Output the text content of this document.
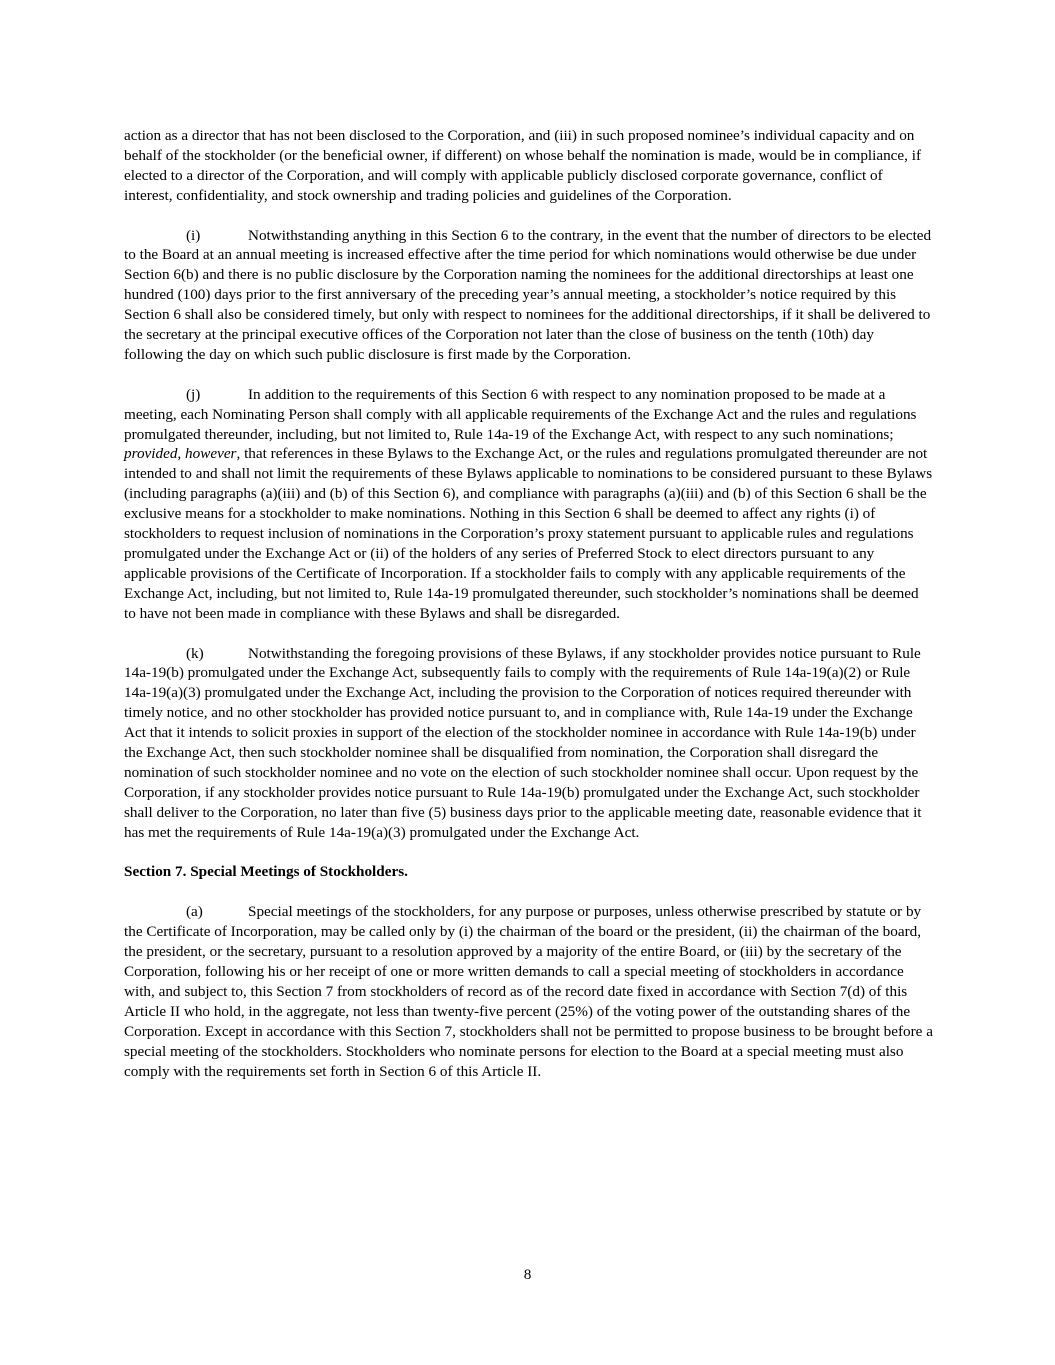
action as a director that has not been disclosed to the Corporation, and (iii) in such proposed nominee’s individual capacity and on behalf of the stockholder (or the beneficial owner, if different) on whose behalf the nomination is made, would be in compliance, if elected to a director of the Corporation, and will comply with applicable publicly disclosed corporate governance, conflict of interest, confidentiality, and stock ownership and trading policies and guidelines of the Corporation.

(i)	Notwithstanding anything in this Section 6 to the contrary, in the event that the number of directors to be elected to the Board at an annual meeting is increased effective after the time period for which nominations would otherwise be due under Section 6(b) and there is no public disclosure by the Corporation naming the nominees for the additional directorships at least one hundred (100) days prior to the first anniversary of the preceding year’s annual meeting, a stockholder’s notice required by this Section 6 shall also be considered timely, but only with respect to nominees for the additional directorships, if it shall be delivered to the secretary at the principal executive offices of the Corporation not later than the close of business on the tenth (10th) day following the day on which such public disclosure is first made by the Corporation.

(j)	In addition to the requirements of this Section 6 with respect to any nomination proposed to be made at a meeting, each Nominating Person shall comply with all applicable requirements of the Exchange Act and the rules and regulations promulgated thereunder, including, but not limited to, Rule 14a-19 of the Exchange Act, with respect to any such nominations; provided, however, that references in these Bylaws to the Exchange Act, or the rules and regulations promulgated thereunder are not intended to and shall not limit the requirements of these Bylaws applicable to nominations to be considered pursuant to these Bylaws (including paragraphs (a)(iii) and (b) of this Section 6), and compliance with paragraphs (a)(iii) and (b) of this Section 6 shall be the exclusive means for a stockholder to make nominations. Nothing in this Section 6 shall be deemed to affect any rights (i) of stockholders to request inclusion of nominations in the Corporation’s proxy statement pursuant to applicable rules and regulations promulgated under the Exchange Act or (ii) of the holders of any series of Preferred Stock to elect directors pursuant to any applicable provisions of the Certificate of Incorporation. If a stockholder fails to comply with any applicable requirements of the Exchange Act, including, but not limited to, Rule 14a-19 promulgated thereunder, such stockholder’s nominations shall be deemed to have not been made in compliance with these Bylaws and shall be disregarded.

(k)	Notwithstanding the foregoing provisions of these Bylaws, if any stockholder provides notice pursuant to Rule 14a-19(b) promulgated under the Exchange Act, subsequently fails to comply with the requirements of Rule 14a-19(a)(2) or Rule 14a-19(a)(3) promulgated under the Exchange Act, including the provision to the Corporation of notices required thereunder with timely notice, and no other stockholder has provided notice pursuant to, and in compliance with, Rule 14a-19 under the Exchange Act that it intends to solicit proxies in support of the election of the stockholder nominee in accordance with Rule 14a-19(b) under the Exchange Act, then such stockholder nominee shall be disqualified from nomination, the Corporation shall disregard the nomination of such stockholder nominee and no vote on the election of such stockholder nominee shall occur. Upon request by the Corporation, if any stockholder provides notice pursuant to Rule 14a-19(b) promulgated under the Exchange Act, such stockholder shall deliver to the Corporation, no later than five (5) business days prior to the applicable meeting date, reasonable evidence that it has met the requirements of Rule 14a-19(a)(3) promulgated under the Exchange Act.

Section 7. Special Meetings of Stockholders.

(a)	Special meetings of the stockholders, for any purpose or purposes, unless otherwise prescribed by statute or by the Certificate of Incorporation, may be called only by (i) the chairman of the board or the president, (ii) the chairman of the board, the president, or the secretary, pursuant to a resolution approved by a majority of the entire Board, or (iii) by the secretary of the Corporation, following his or her receipt of one or more written demands to call a special meeting of stockholders in accordance with, and subject to, this Section 7 from stockholders of record as of the record date fixed in accordance with Section 7(d) of this Article II who hold, in the aggregate, not less than twenty-five percent (25%) of the voting power of the outstanding shares of the Corporation. Except in accordance with this Section 7, stockholders shall not be permitted to propose business to be brought before a special meeting of the stockholders. Stockholders who nominate persons for election to the Board at a special meeting must also comply with the requirements set forth in Section 6 of this Article II.

8
